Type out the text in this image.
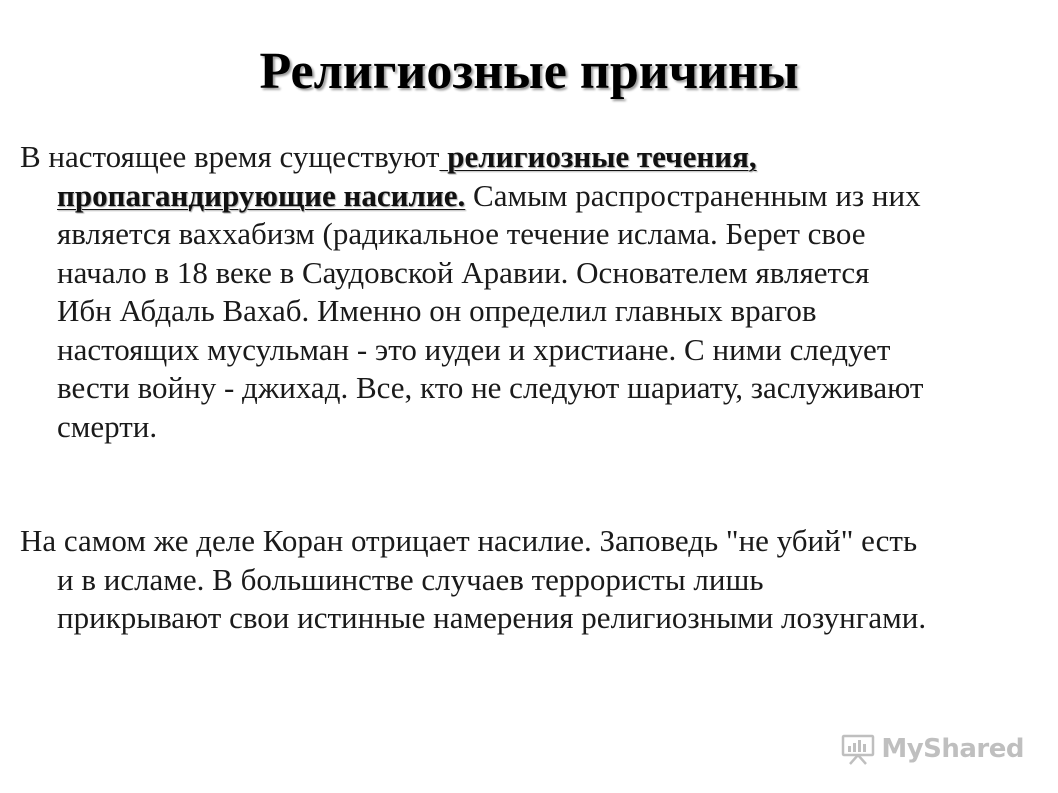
Религиозные причины

В настоящее время существуют религиозные течения,
пропагандирующие насилие. Самым распространенным из них
является ваххабизм (радикальное течение ислама. Берет свое
начало в 18 веке в Саудовской Аравии. Основателем является
Ибн Абдаль Вахаб. Именно он определил главных врагов
настоящих мусульман - это иудеи и христиане. С ними следует
вести войну - джихад. Все, кто не следуют шариату, заслуживают
смерти.

На самом же деле Коран отрицает насилие. Заповедь "не убий" есть
и в исламе. В большинстве случаев террористы лишь
прикрывают свои истинные намерения религиозными лозунгами.

MyShared
